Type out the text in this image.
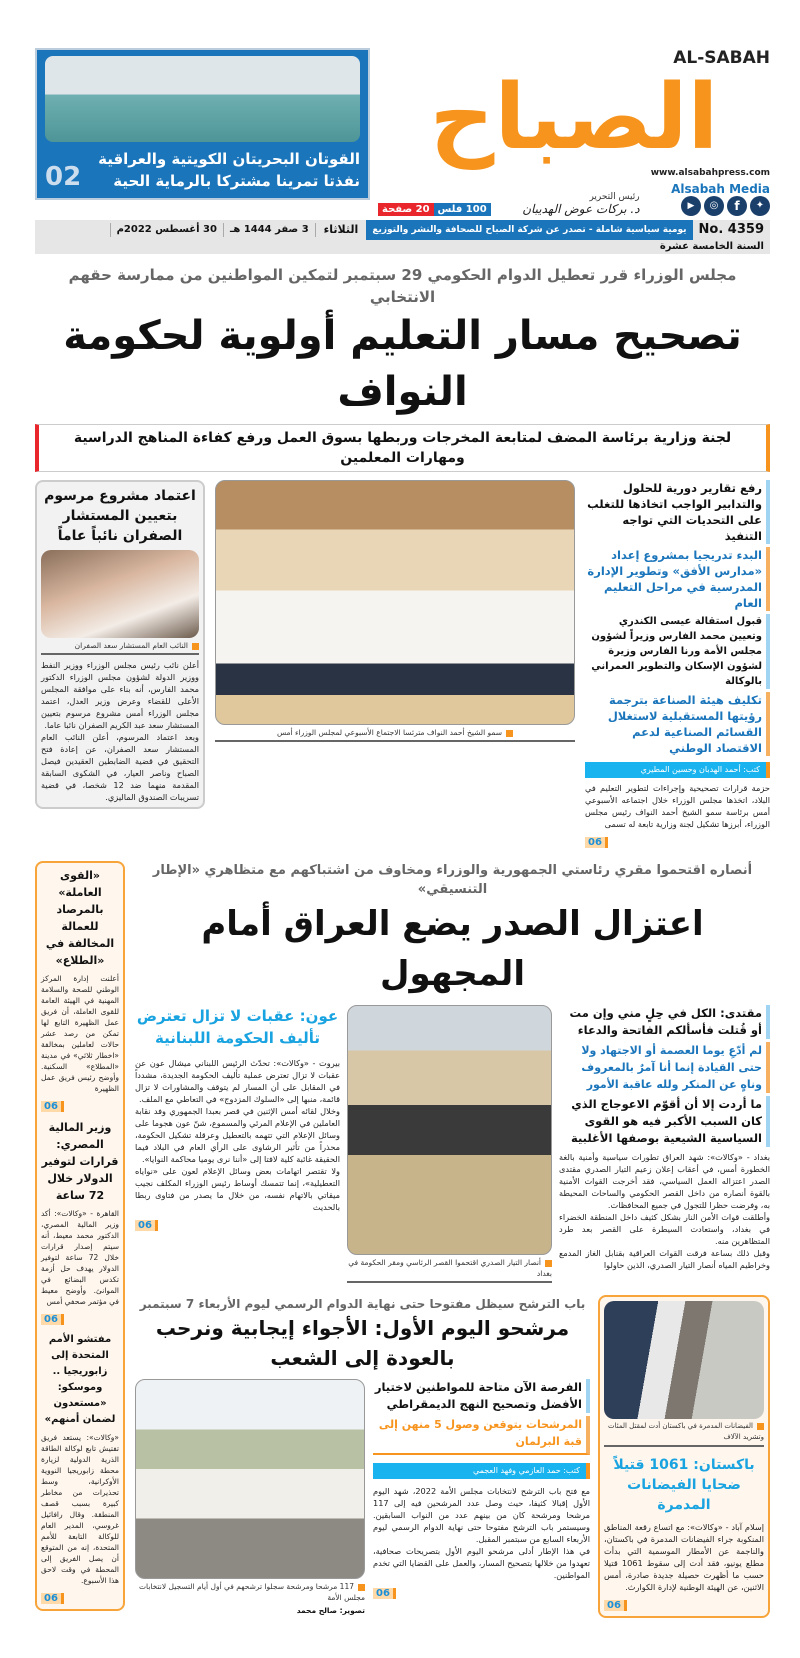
02
القوتان البحريتان الكويتية والعراقية نفذتا تمرينا مشتركا بالرماية الحية
AL-SABAH
الصباح
www.alsabahpress.com
100 فلس
20 صفحة
رئيس التحرير
د. بركات عوض الهديبان
Alsabah Media
▶	◎	f	✦
No. 4359
يومية سياسية شاملة - تصدر عن شركة الصباح للصحافة والنشر والتوزيع
الثلاثاء
3 صفر 1444 هـ
30 أغسطس 2022م
السنة الخامسة عشرة
مجلس الوزراء قرر تعطيل الدوام الحكومي 29 سبتمبر لتمكين المواطنين من ممارسة حقهم الانتخابي
تصحيح مسار التعليم أولوية لحكومة النواف
لجنة وزارية برئاسة المضف لمتابعة المخرجات وربطها بسوق العمل ورفع كفاءة المناهج الدراسية ومهارات المعلمين
اعتماد مشروع مرسوم بتعيين المستشار الصفران نائباً عاماً
النائب العام المستشار سعد الصفران
أعلن نائب رئيس مجلس الوزراء ووزير النفط ووزير الدولة لشؤون مجلس الوزراء الدكتور محمد الفارس، أنه بناء على موافقة المجلس الأعلى للقضاء وعرض وزير العدل، اعتمد مجلس الوزراء أمس مشروع مرسوم بتعيين المستشار سعد عبد الكريم الصفران نائبا عاما.
وبعد اعتماد المرسوم، أعلن النائب العام المستشار سعد الصفران، عن إعادة فتح التحقيق في قضية الضابطين العقيدين فيصل الصباح وناصر العيار، في الشكوى السابقة المقدمة منهما ضد 12 شخصا، في قضية تسريبات الصندوق الماليزي.
سمو الشيخ أحمد النواف مترئسا الاجتماع الأسبوعي لمجلس الوزراء أمس
رفع تقارير دورية للحلول والتدابير الواجب اتخاذها للتغلب على التحديات التي تواجه التنفيذ
البدء تدريجيا بمشروع إعداد «مدارس الأفق» وتطوير الإدارة المدرسية في مراحل التعليم العام
قبول استقالة عيسى الكندري وتعيين محمد الفارس وزيراً لشؤون مجلس الأمة ورنا الفارس وزيرة لشؤون الإسكان والتطوير العمراني بالوكالة
تكليف هيئة الصناعة بترجمة رؤيتها المستقبلية لاستغلال القسائم الصناعية لدعم الاقتصاد الوطني
كتب: أحمد الهدبان وحسين المطيري
حزمة قرارات تصحيحية وإجراءات لتطوير التعليم في البلاد، اتخذها مجلس الوزراء خلال اجتماعه الأسبوعي أمس برئاسة سمو الشيخ أحمد النواف رئيس مجلس الوزراء، أبرزها تشكيل لجنة وزارية تابعة له تسمى
06
«القوى العاملة» بالمرصاد للعمالة المخالفة في «الطلاع»
أعلنت إدارة المركز الوطني للصحة والسلامة المهنية في الهيئة العامة للقوى العاملة، أن فريق عمل الظهيرة التابع لها تمكن من رصد عشر حالات لعاملين بمخالفة «اخطار ثلاثي» في مدينة «المطلاع» السكنية. وأوضح رئيس فريق عمل الظهيرة
06
وزير المالية المصري: قرارات لتوفير الدولار خلال 72 ساعة
القاهرة - «وكالات»: أكد وزير المالية المصري، الدكتور محمد معيط، أنه سيتم إصدار قرارات خلال 72 ساعة لتوفير الدولار يهدف حل أزمة تكدس البضائع في الموانئ. وأوضح معيط في مؤتمر صحفي أمس
06
مفتشو الأمم المتحدة إلى زابوريجيا .. وموسكو: «مستعدون لضمان أمنهم»
«وكالات»: يستعد فريق تفتيش تابع لوكالة الطاقة الذرية الدولية لزيارة محطة زابوريجيا النووية الأوكرانية، وسط تحذيرات من مخاطر كبيرة بسبب قصف المنطقة. وقال رافائيل غروسي، المدير العام للوكالة التابعة للأمم المتحدة، إنه من المتوقع أن يصل الفريق إلى المحطة في وقت لاحق هذا الأسبوع.
06
أنصاره اقتحموا مقري رئاستي الجمهورية والوزراء ومخاوف من اشتباكهم مع متظاهري «الإطار التنسيقي»
اعتزال الصدر يضع العراق أمام المجهول
عون: عقبات لا تزال تعترض تأليف الحكومة اللبنانية
بيروت - «وكالات»: تحدّث الرئيس اللبناني ميشال عون عن عقبات لا تزال تعترض عملية تأليف الحكومة الجديدة، مشدداً في المقابل على أن المسار لم يتوقف والمشاورات لا تزال قائمة، منبها إلى «السلوك المزدوج» في التعاطي مع الملف.
وخلال لقائه أمس الإثنين في قصر بعبدا الجمهوري وفد نقابة العاملين في الإعلام المرئي والمسموع، شنّ عون هجوما على وسائل الإعلام التي تتهمه بالتعطيل وعرقلة تشكيل الحكومة، محذراً من تأثير الرشاوى على الرأي العام في البلاد فيما الحقيقة غائبة كلية لافتا إلى «أننا نرى يوميا محاكمة النوايا».
ولا تقتصر اتهامات بعض وسائل الإعلام لعون على «نواياه التعطيلية»، إنما تتمسك أوساط رئيس الوزراء المكلف نجيب ميقاتي بالاتهام نفسه، من خلال ما يصدر من فتاوى ربطا بالحديث
06
أنصار التيار الصدري اقتحموا القصر الرئاسي ومقر الحكومة في بغداد
مقتدى: الكل في حِلٍ مني وإن مت أو قُتلت فأسألكم الفاتحة والدعاء
لم أدّعِ يوما العصمة أو الاجتهاد ولا حتى القيادة إنما أنا آمرٌ بالمعروف وناهٍ عن المنكر ولله عاقبة الأمور
ما أردت إلا أن أقوّم الاعوجاج الذي كان السبب الأكبر فيه هو القوى السياسية الشيعية بوصفها الأغلبية
بغداد - «وكالات»: شهد العراق تطورات سياسية وأمنية بالغة الخطورة أمس، في أعقاب إعلان زعيم التيار الصدري مقتدى الصدر اعتزاله العمل السياسي، فقد أخرجت القوات الأمنية بالقوة أنصاره من داخل القصر الحكومي والساحات المحيطة به، وفرضت حظرا للتجول في جميع المحافظات.
وأطلقت قوات الأمن النار بشكل كثيف داخل المنطقة الخضراء في بغداد، واستعادت السيطرة على القصر بعد طرد المتظاهرين منه.
وقبل ذلك بساعة فرقت القوات العراقية بقنابل الغاز المدمع وخراطيم المياه أنصار التيار الصدري، الذين حاولوا
باب الترشح سيظل مفتوحا حتى نهاية الدوام الرسمي ليوم الأربعاء 7 سبتمبر
مرشحو اليوم الأول: الأجواء إيجابية ونرحب بالعودة إلى الشعب
117 مرشحا ومرشحة سجلوا ترشحهم في أول أيام التسجيل لانتخابات مجلس الأمة
تصوير: صالح محمد
الفرصة الآن متاحة للمواطنين لاختيار الأفضل وتصحيح النهج الديمقراطي
المرشحات يتوقعن وصول 5 منهن إلى قبة البرلمان
كتب: حمد العازمي وفهد العجمي
مع فتح باب الترشح لانتخابات مجلس الأمة 2022، شهد اليوم الأول إقبالا كثيفا، حيث وصل عدد المرشحين فيه إلى 117 مرشحا ومرشحة كان من بينهم عدد من النواب السابقين. وسيستمر باب الترشح مفتوحا حتى نهاية الدوام الرسمي ليوم الأربعاء السابع من سبتمبر المقبل.
في هذا الإطار أدلى مرشحو اليوم الأول بتصريحات صحافية، تعهدوا من خلالها بتصحيح المسار، والعمل على القضايا التي تخدم المواطنين.
06
الفيضانات المدمرة في باكستان أدت لمقتل المئات وتشريد الآلاف
باكستان: 1061 قتيلاً ضحايا الفيضانات المدمرة
إسلام آباد - «وكالات»: مع اتساع رقعة المناطق المنكوبة جراء الفيضانات المدمرة في باكستان، والناجمة عن الأمطار الموسمية التي بدأت مطلع يونيو، فقد أدت إلى سقوط 1061 قتيلا حسب ما أظهرت حصيلة جديدة صادرة، أمس الاثنين، عن الهيئة الوطنية لإدارة الكوارث.
06
